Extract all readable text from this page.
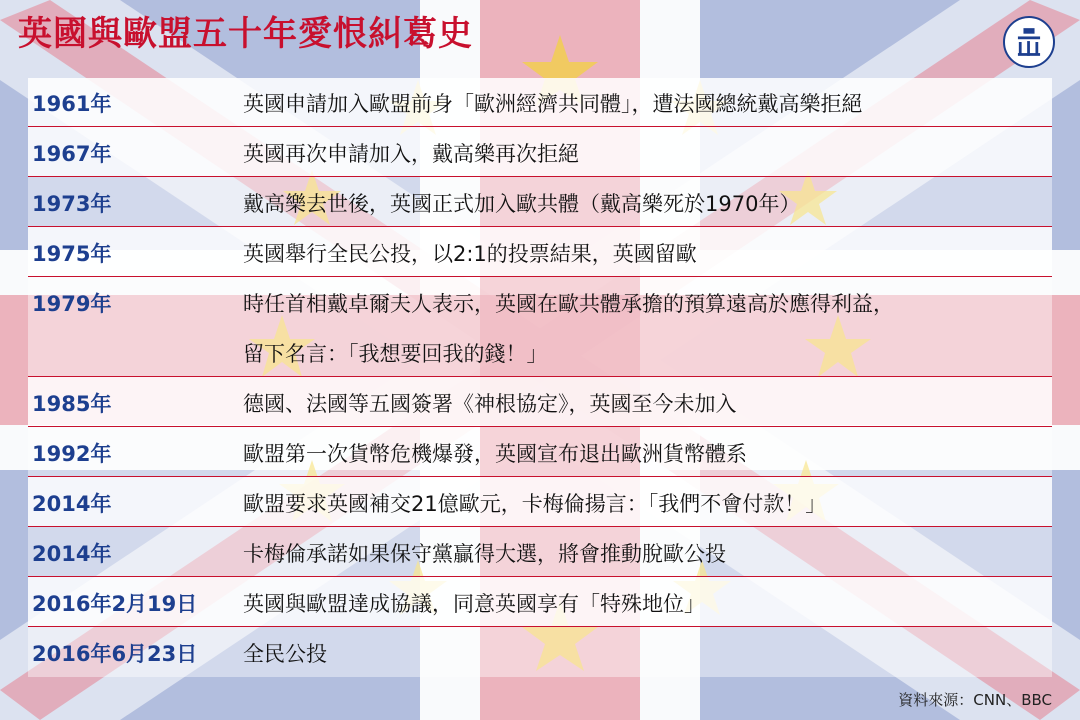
英國與歐盟五十年愛恨糾葛史
1961年	英國申請加入歐盟前身「歐洲經濟共同體」，遭法國總統戴高樂拒絕
1967年	英國再次申請加入，戴高樂再次拒絕
1973年	戴高樂去世後，英國正式加入歐共體（戴高樂死於1970年）
1975年	英國舉行全民公投，以2:1的投票結果，英國留歐
1979年	時任首相戴卓爾夫人表示，英國在歐共體承擔的預算遠高於應得利益，
留下名言：「我想要回我的錢！」
1985年	德國、法國等五國簽署《神根協定》，英國至今未加入
1992年	歐盟第一次貨幣危機爆發，英國宣布退出歐洲貨幣體系
2014年	歐盟要求英國補交21億歐元，卡梅倫揚言：「我們不會付款！」
2014年	卡梅倫承諾如果保守黨贏得大選，將會推動脫歐公投
2016年2月19日	英國與歐盟達成協議，同意英國享有「特殊地位」
2016年6月23日	全民公投
資料來源：CNN、BBC
